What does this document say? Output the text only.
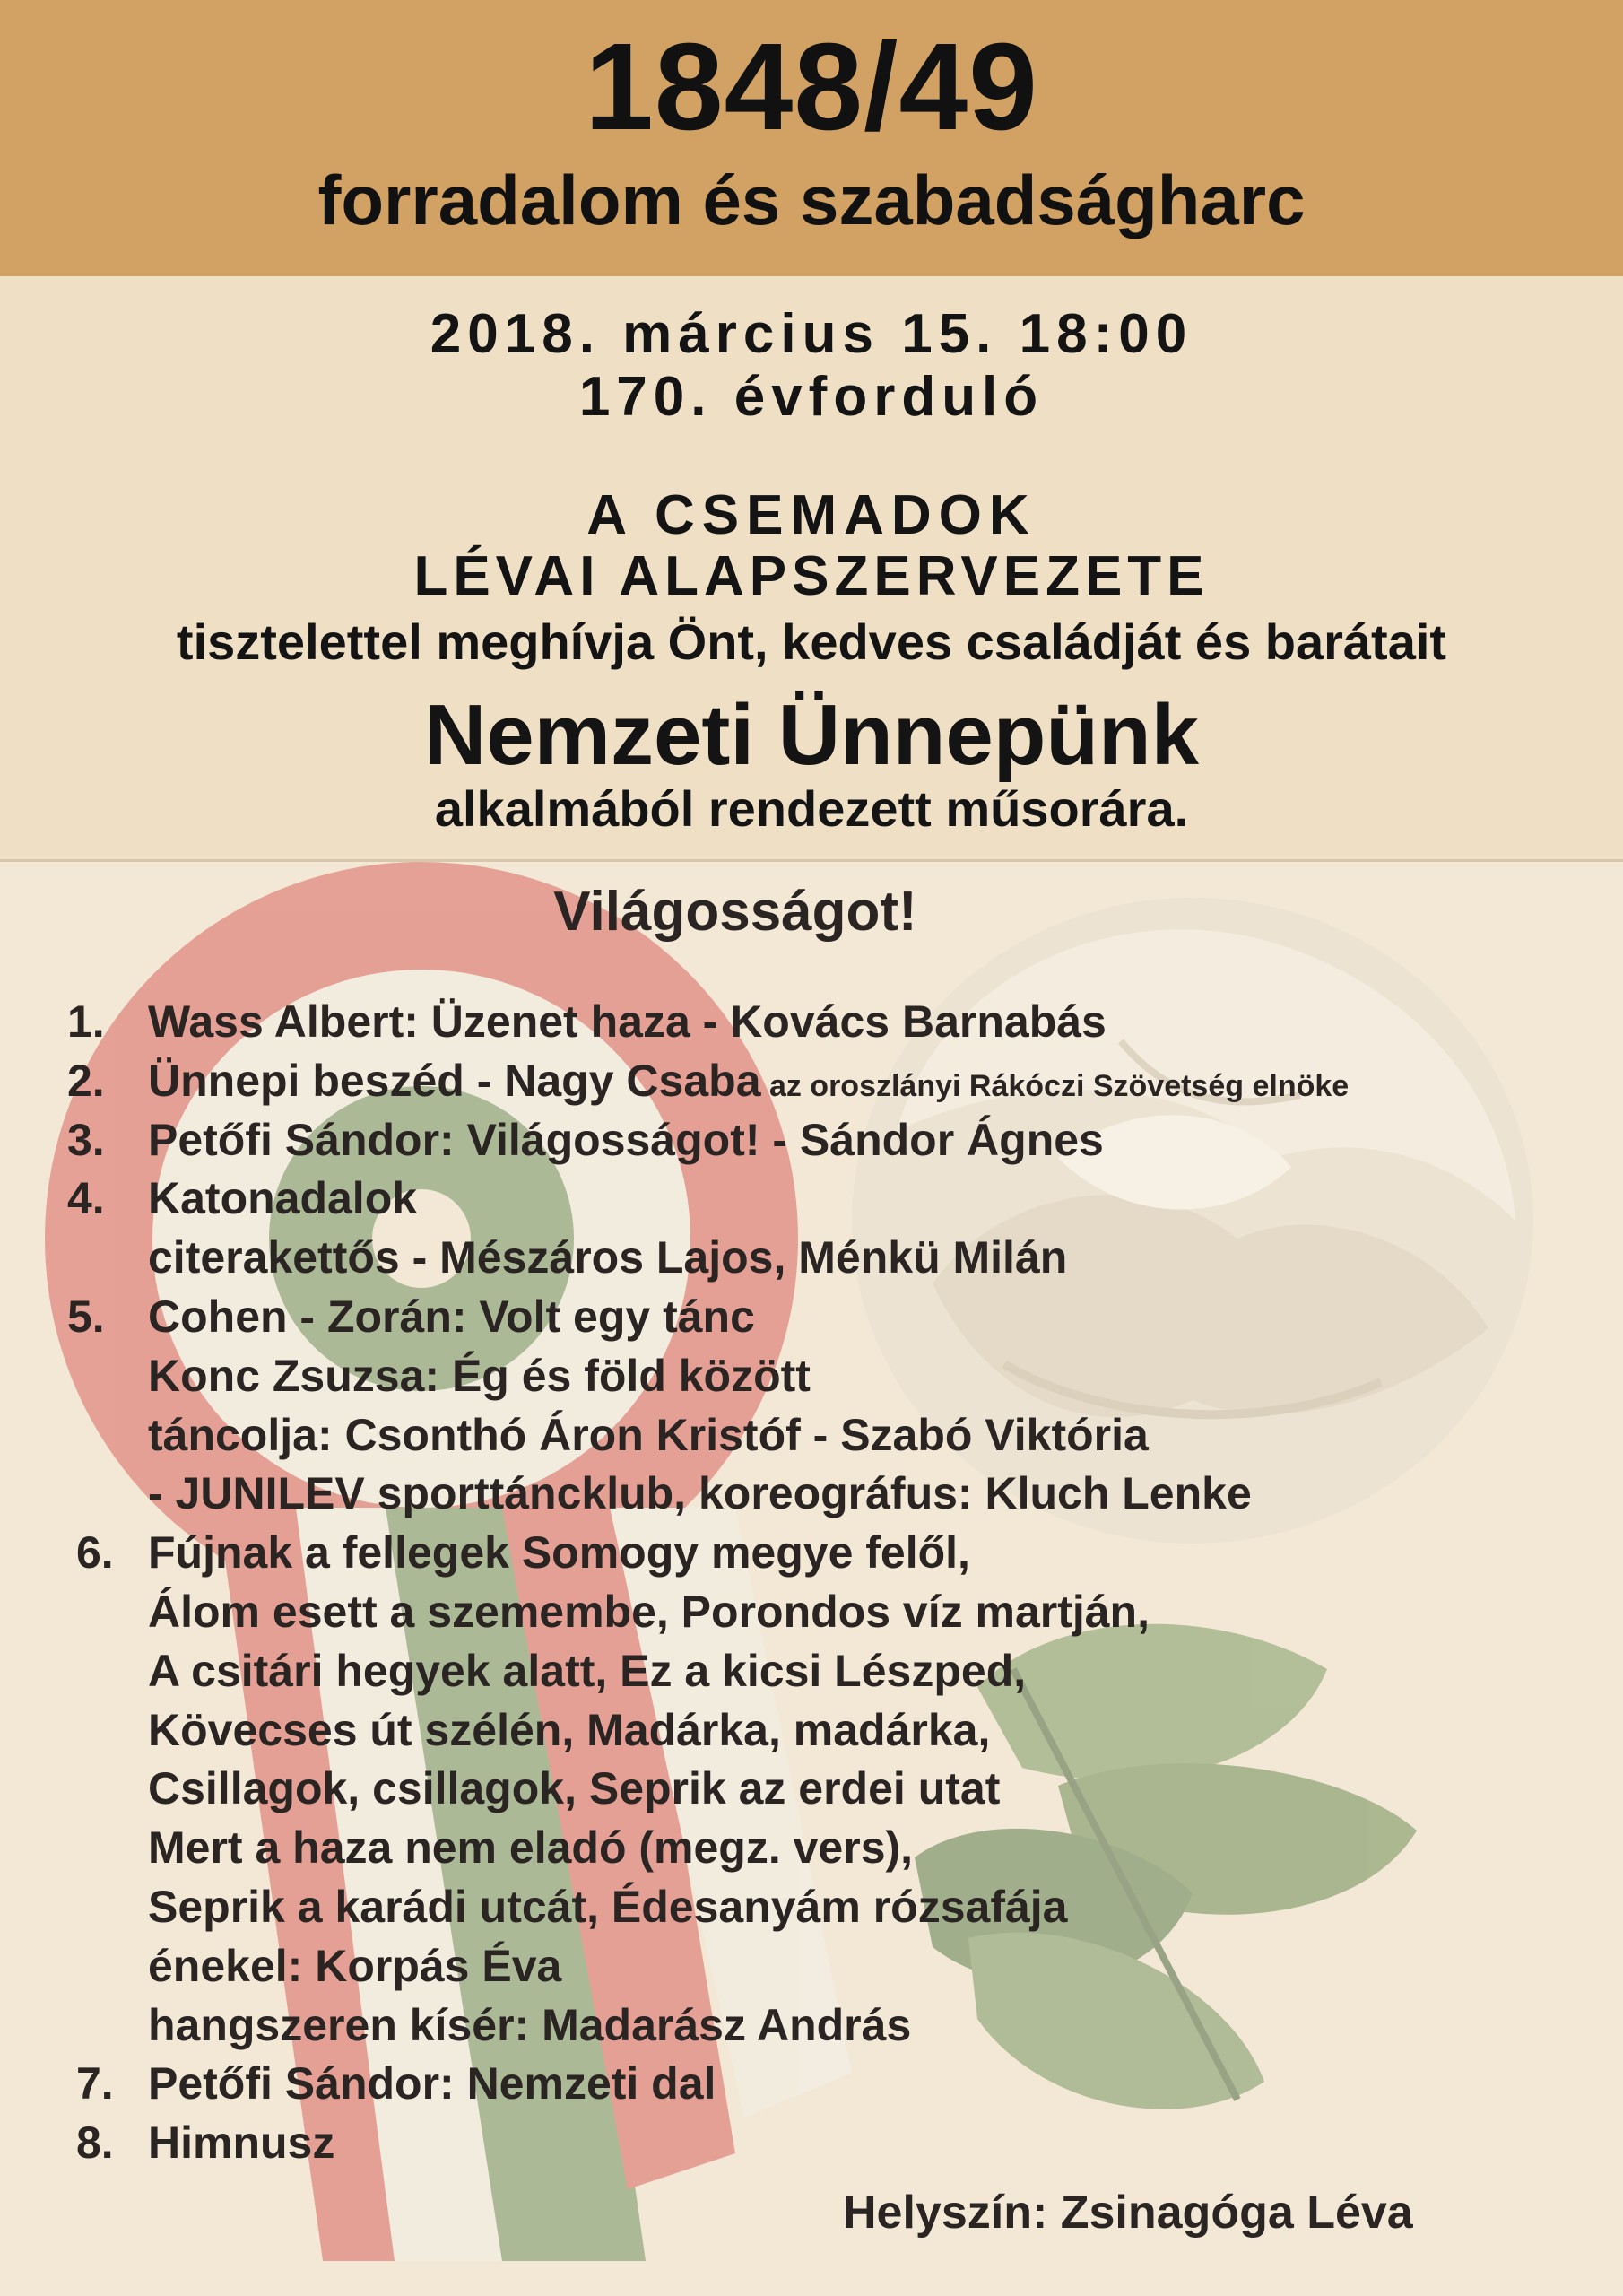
1848/49
forradalom és szabadságharc
2018. március 15. 18:00
170. évforduló
A CSEMADOK
LÉVAI ALAPSZERVEZETE
tisztelettel meghívja Önt, kedves családját és barátait
Nemzeti Ünnepünk
alkalmából rendezett műsorára.
Világosságot!
1. Wass Albert: Üzenet haza - Kovács Barnabás
2. Ünnepi beszéd - Nagy Csaba az oroszlányi Rákóczi Szövetség elnöke
3. Petőfi Sándor: Világosságot! - Sándor Ágnes
4. Katonadalok
citerakettős - Mészáros Lajos, Ménkü Milán
5. Cohen - Zorán: Volt egy tánc
Konc Zsuzsa: Ég és föld között
táncolja: Csonthó Áron Kristóf - Szabó Viktória
- JUNILEV sporttáncklub, koreográfus: Kluch Lenke
6. Fújnak a fellegek Somogy megye felől,
Álom esett a szemembe, Porondos víz martján,
A csitári hegyek alatt, Ez a kicsi Lészped,
Kövecses út szélén, Madárka, madárka,
Csillagok, csillagok, Seprik az erdei utat
Mert a haza nem eladó (megz. vers),
Seprik a karádi utcát, Édesanyám rózsafája
énekel: Korpás Éva
hangszeren kísér: Madarász András
7. Petőfi Sándor: Nemzeti dal
8. Himnusz
Helyszín: Zsinagóga Léva
